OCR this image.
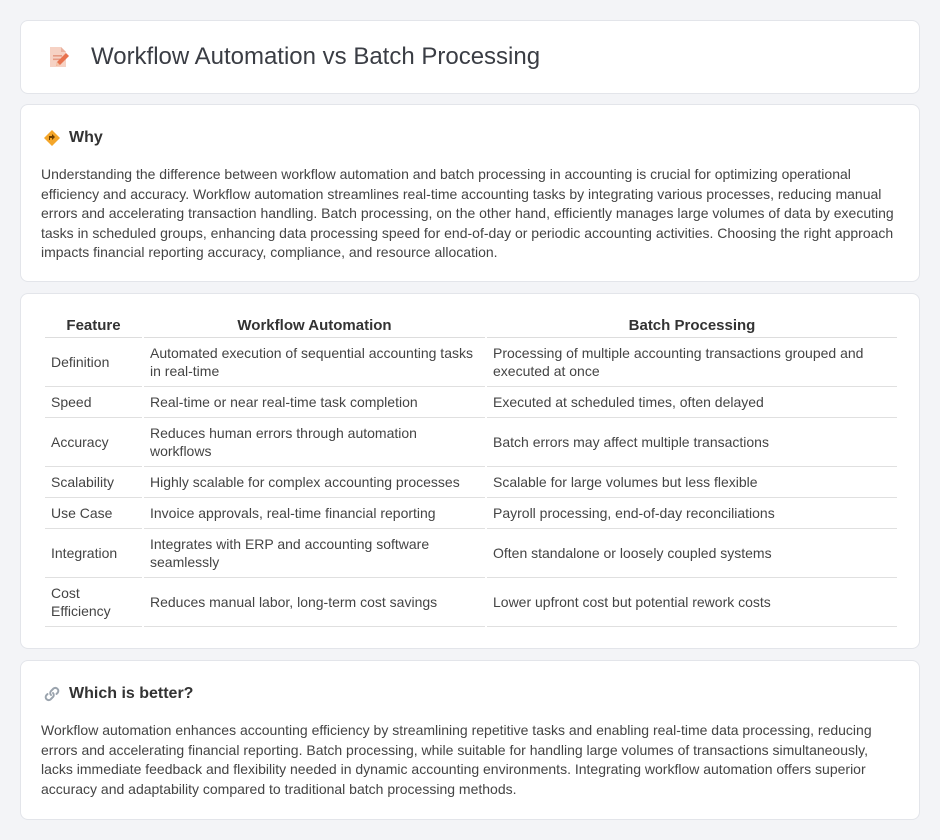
Workflow Automation vs Batch Processing
Why

Understanding the difference between workflow automation and batch processing in accounting is crucial for optimizing operational efficiency and accuracy. Workflow automation streamlines real-time accounting tasks by integrating various processes, reducing manual errors and accelerating transaction handling. Batch processing, on the other hand, efficiently manages large volumes of data by executing tasks in scheduled groups, enhancing data processing speed for end-of-day or periodic accounting activities. Choosing the right approach impacts financial reporting accuracy, compliance, and resource allocation.

Feature	Workflow Automation	Batch Processing
Definition	Automated execution of sequential accounting tasks in real-time	Processing of multiple accounting transactions grouped and executed at once
Speed	Real-time or near real-time task completion	Executed at scheduled times, often delayed
Accuracy	Reduces human errors through automation workflows	Batch errors may affect multiple transactions
Scalability	Highly scalable for complex accounting processes	Scalable for large volumes but less flexible
Use Case	Invoice approvals, real-time financial reporting	Payroll processing, end-of-day reconciliations
Integration	Integrates with ERP and accounting software seamlessly	Often standalone or loosely coupled systems
Cost Efficiency	Reduces manual labor, long-term cost savings	Lower upfront cost but potential rework costs
Which is better?

Workflow automation enhances accounting efficiency by streamlining repetitive tasks and enabling real-time data processing, reducing errors and accelerating financial reporting. Batch processing, while suitable for handling large volumes of transactions simultaneously, lacks immediate feedback and flexibility needed in dynamic accounting environments. Integrating workflow automation offers superior accuracy and adaptability compared to traditional batch processing methods.
